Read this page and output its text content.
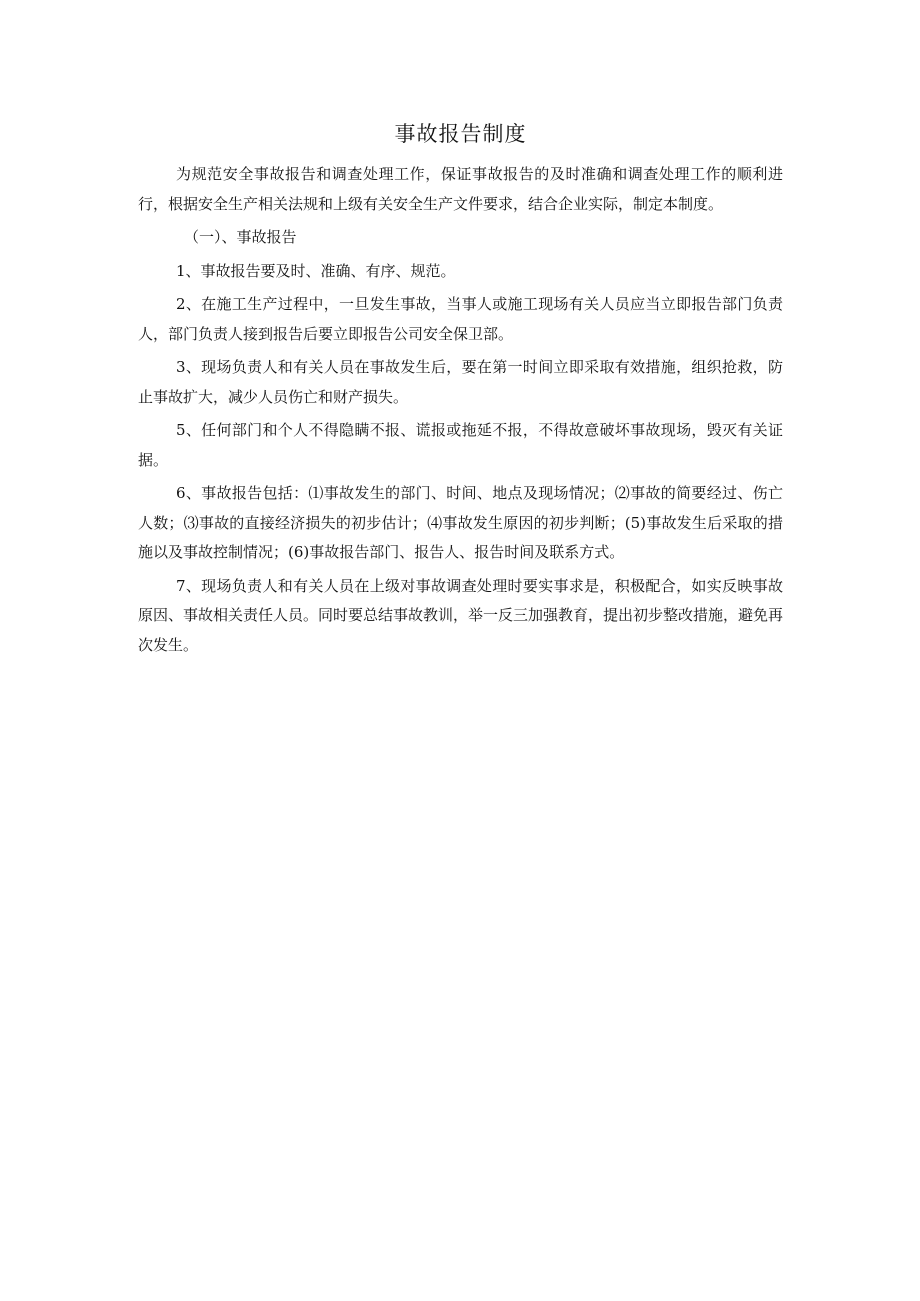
事故报告制度

为规范安全事故报告和调查处理工作，保证事故报告的及时准确和调查处理工作的顺利进行，根据安全生产相关法规和上级有关安全生产文件要求，结合企业实际，制定本制度。

（一）、事故报告

1、事故报告要及时、准确、有序、规范。

2、在施工生产过程中，一旦发生事故，当事人或施工现场有关人员应当立即报告部门负责人，部门负责人接到报告后要立即报告公司安全保卫部。

3、现场负责人和有关人员在事故发生后，要在第一时间立即采取有效措施，组织抢救，防止事故扩大，减少人员伤亡和财产损失。

5、任何部门和个人不得隐瞒不报、谎报或拖延不报，不得故意破坏事故现场，毁灭有关证据。

6、事故报告包括：⑴事故发生的部门、时间、地点及现场情况；⑵事故的简要经过、伤亡人数；⑶事故的直接经济损失的初步估计；⑷事故发生原因的初步判断；(5)事故发生后采取的措施以及事故控制情况；(6)事故报告部门、报告人、报告时间及联系方式。

7、现场负责人和有关人员在上级对事故调查处理时要实事求是，积极配合，如实反映事故原因、事故相关责任人员。同时要总结事故教训，举一反三加强教育，提出初步整改措施，避免再次发生。
